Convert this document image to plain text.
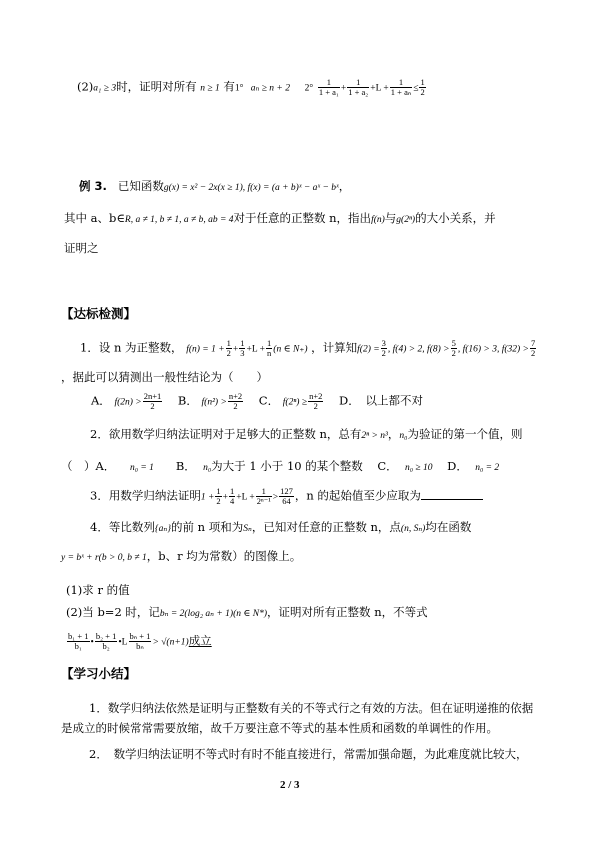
(2)a₁ ≥ 3时，证明对所有 n ≥ 1 有1° aₙ ≥ n + 2 $2^\circ \frac{1}{\text{1 + a₁}} + \frac{1}{\text{1 + a₂}} +L + \frac{1}{\text{1 + aₙ}} \le \frac{1}{2}$
例 3. 已知函数g(x) = x² − 2x(x ≥ 1), f(x) = (a + b)ˣ − aˣ − bˣ，
其中 a、b∈R, a ≠ 1, b ≠ 1, a ≠ b, ab = 4对于任意的正整数 n，指出f(n)与g(2ⁿ)的大小关系，并
证明之
【达标检测】
1．设 n 为正整数， $f(n) = 1 + \frac{1}{2} + \frac{1}{3} +L + \frac{1}{n} (n$ ∈ N₊) ，计算知$f(2) = \frac{3}{2}$ , f(4) > 2, $f(8) > \frac{5}{2}$ , f(16) > 3, $f(32) > \frac{7}{2}$
，据此可以猜测出一般性结论为（　　）
A． $f(2n) > \frac{2n+1}{2}$ B． $f(n^2) > \frac{n+2}{2}$ C． $f(2^n) \ge \frac{n+2}{2}$ D．　以上都不对
2．欲用数学归纳法证明对于足够大的正整数 n，总有2ⁿ > n³，n₀为验证的第一个值，则
（　）A． n₀ = 1 B． n₀为大于 1 小于 10 的某个整数 C． n₀ ≥ 10 D． n₀ = 2
3．用数学归纳法证明$1 + \frac{1}{2} + \frac{1}{4} +L + \frac{1}{\text{2ⁿ⁻¹}} > \frac{127}{64}$ ，n 的起始值至少应取为
4．等比数列{aₙ}的前 n 项和为Sₙ，已知对任意的正整数 n，点(n, Sₙ)均在函数
y = bˣ + r(b > 0, b ≠ 1，b、r 均为常数）的图像上。
(1)求 r 的值
(2)当 b=2 时，记bₙ = 2(log₂ aₙ + 1)(n ∈ N*)，证明对所有正整数 n，不等式
$\frac{\text{b₁ + 1}}{\text{b₁}}$ • $\frac{\text{b₂ + 1}}{\text{b₂}}$ •L $\frac{\text{bₙ + 1}}{\text{bₙ}} > √(n+1)$成立
【学习小结】
1．数学归纳法依然是证明与正整数有关的不等式行之有效的方法。但在证明递推的依据
是成立的时候常常需要放缩，故千万要注意不等式的基本性质和函数的单调性的作用。
2．　数学归纳法证明不等式时有时不能直接进行，常需加强命题，为此难度就比较大，
2 / 3
